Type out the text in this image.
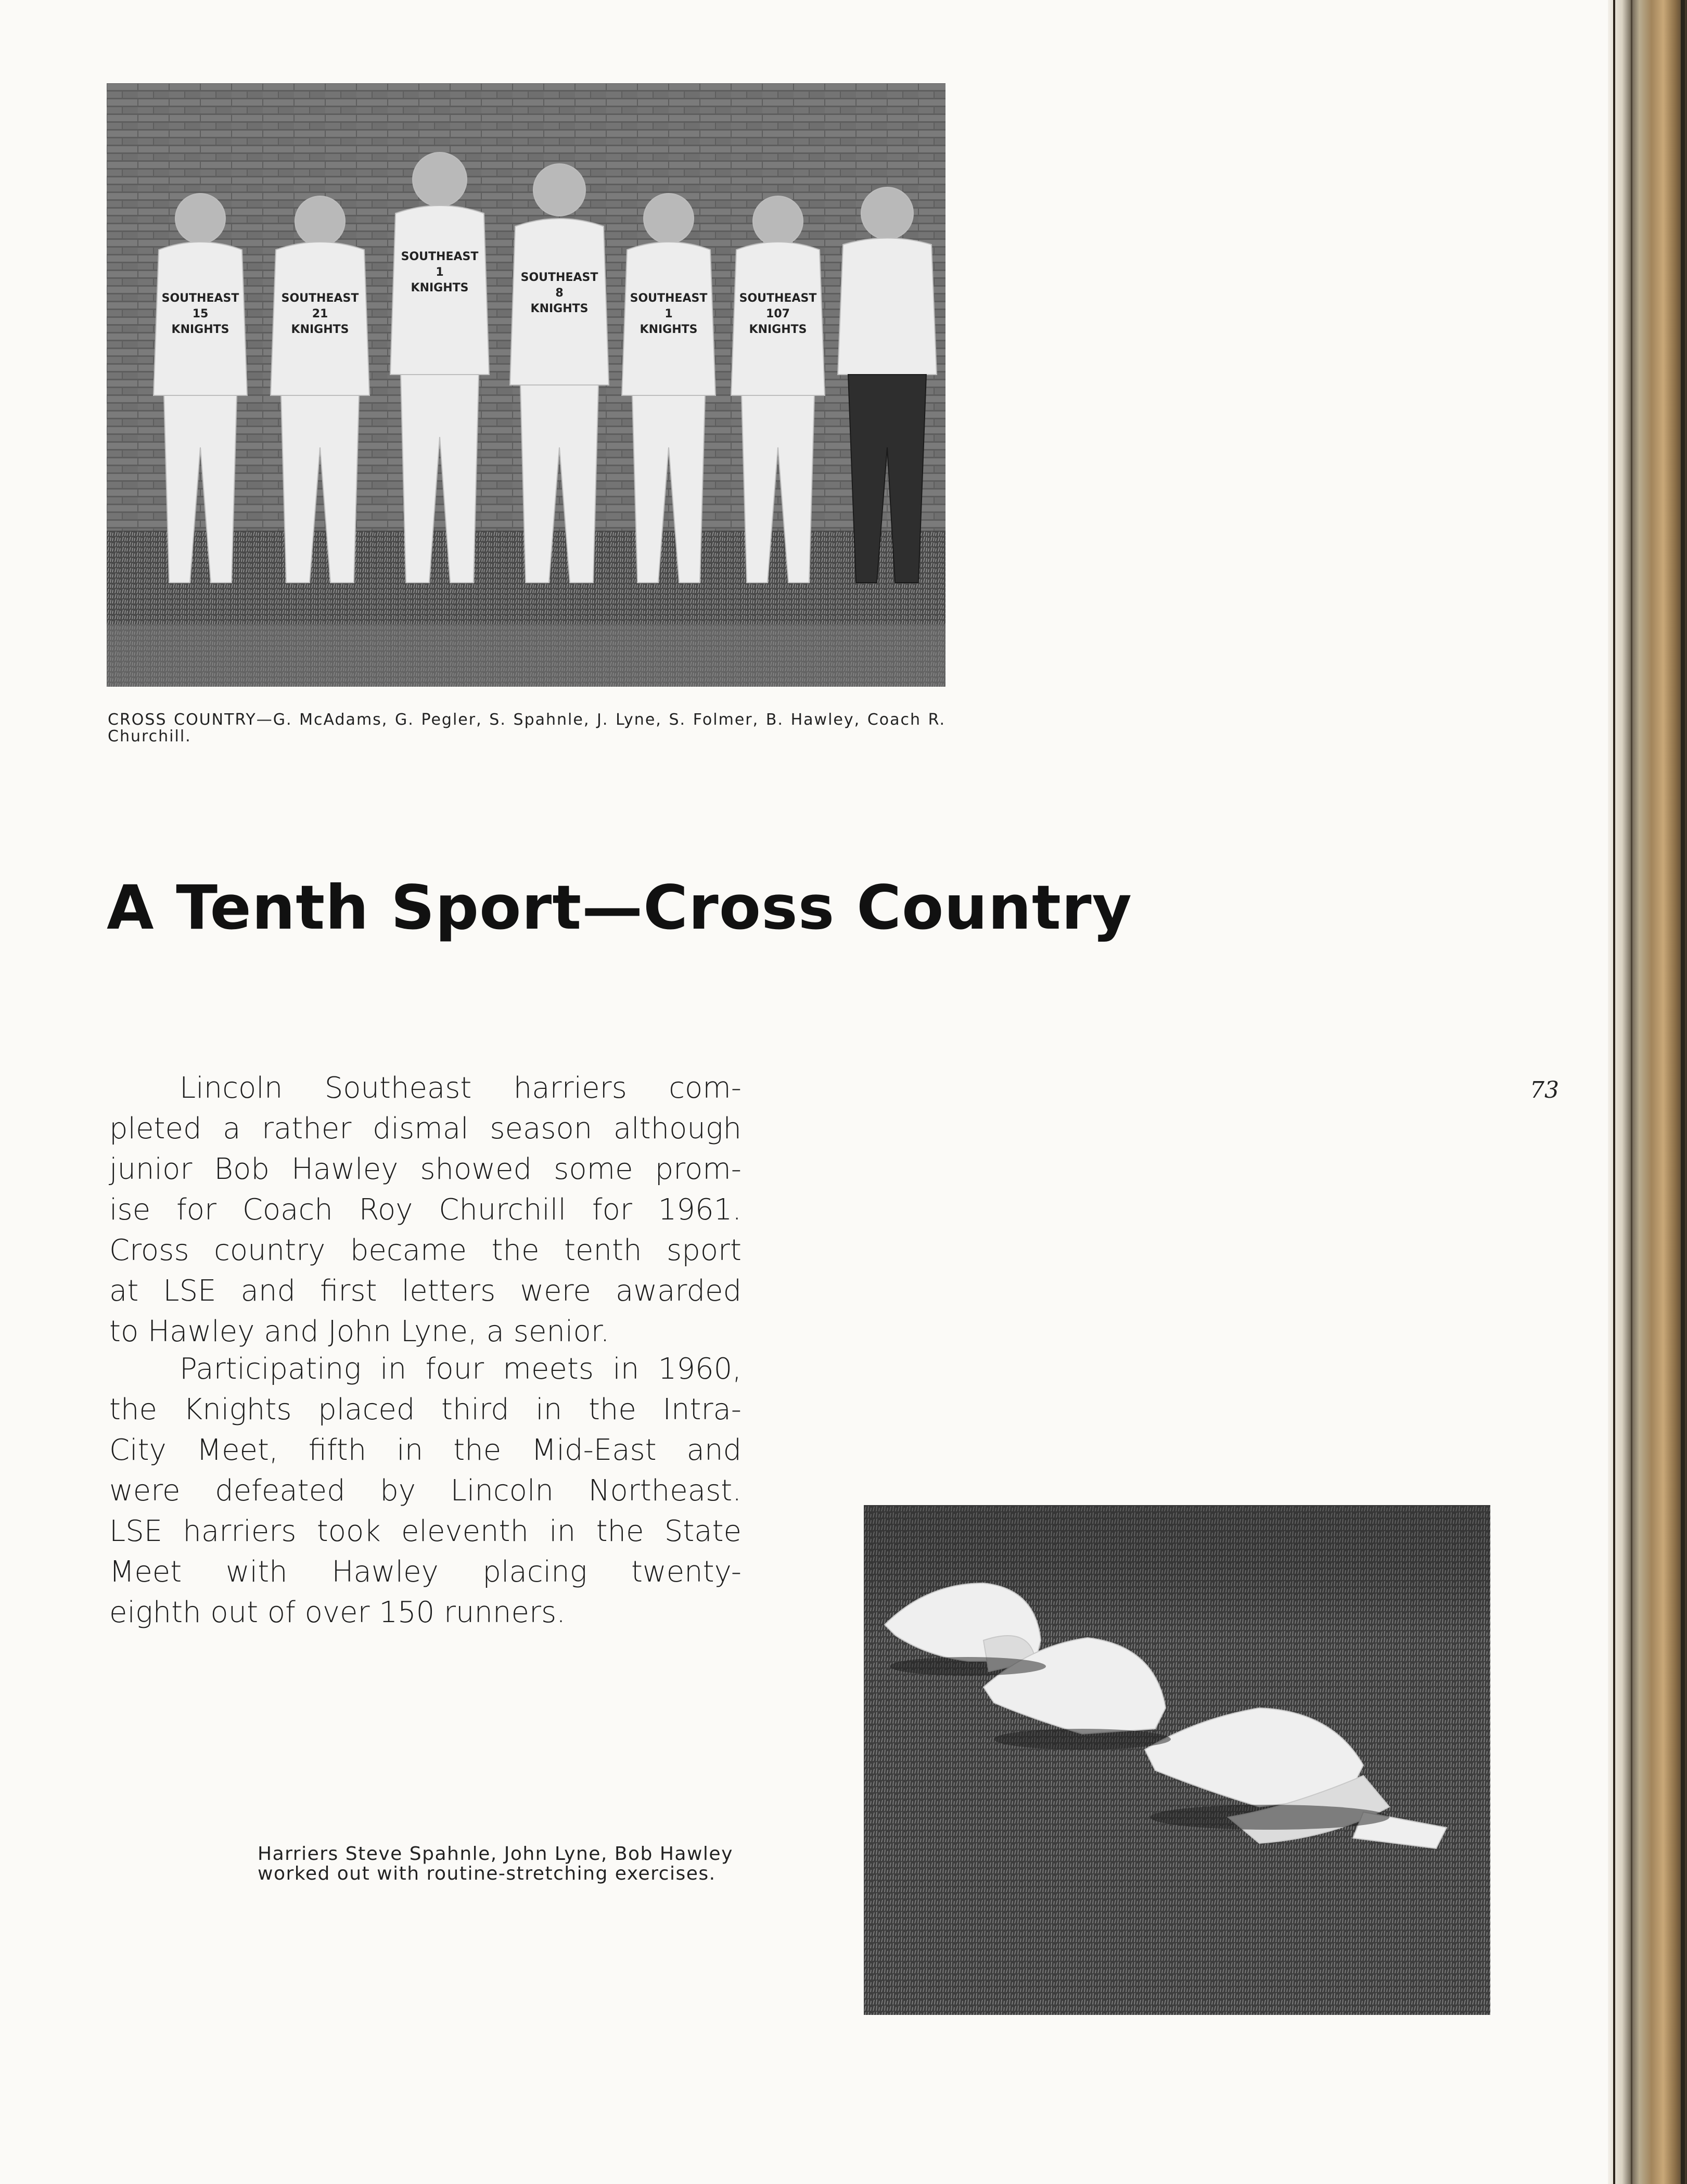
SOUTHEAST
15
KNIGHTS
SOUTHEAST
21
KNIGHTS
SOUTHEAST
1
KNIGHTS
SOUTHEAST
8
KNIGHTS
SOUTHEAST
1
KNIGHTS
SOUTHEAST
107
KNIGHTS
CROSS COUNTRY—G. McAdams, G. Pegler, S. Spahnle, J. Lyne, S. Folmer, B. Hawley, Coach R. Churchill.
A Tenth Sport—Cross Country
Lincoln Southeast harriers com-
pleted a rather dismal season although
junior Bob Hawley showed some prom-
ise for Coach Roy Churchill for 1961.
Cross country became the tenth sport
at LSE and first letters were awarded
to Hawley and John Lyne, a senior.
Participating in four meets in 1960,
the Knights placed third in the Intra-
City Meet, fifth in the Mid-East and
were defeated by Lincoln Northeast.
LSE harriers took eleventh in the State
Meet with Hawley placing twenty-
eighth out of over 150 runners.
73
Harriers Steve Spahnle, John Lyne, Bob Hawley
worked out with routine-stretching exercises.
